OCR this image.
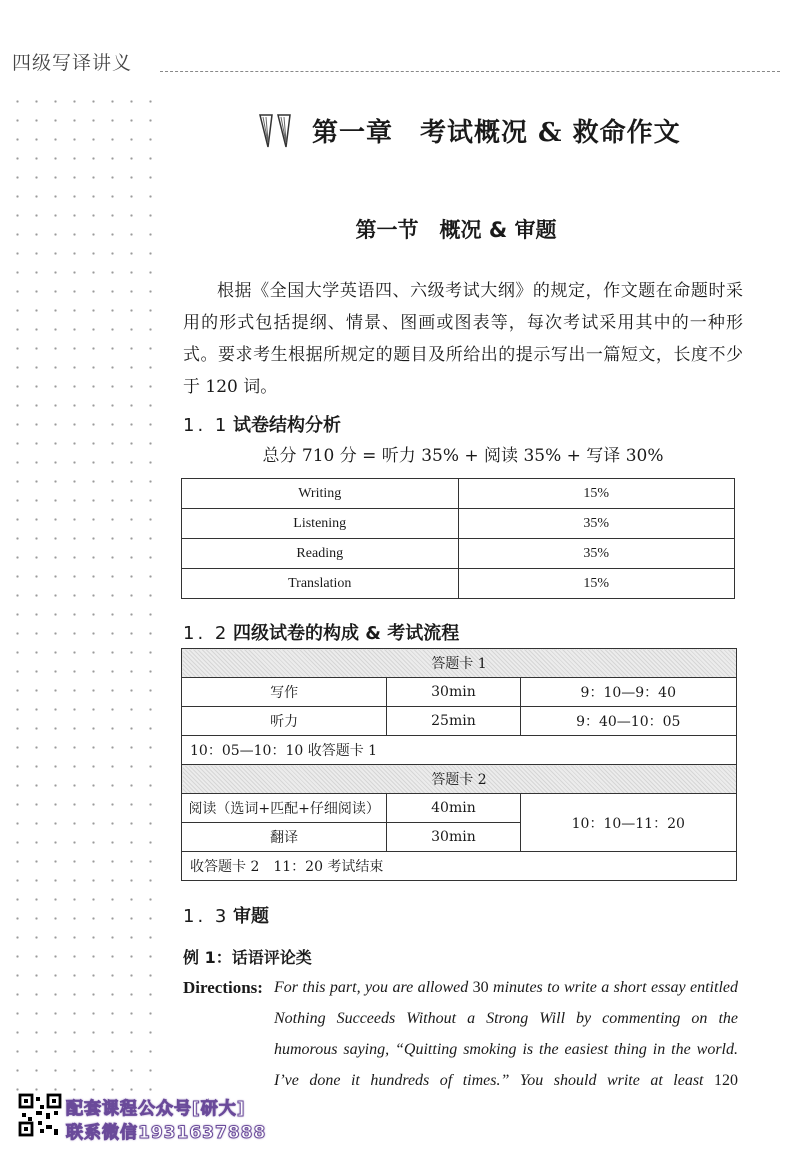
四级写译讲义
第一章　考试概况 & 救命作文
第一节　概况 & 审题
根据《全国大学英语四、六级考试大纲》的规定，作文题在命题时采用的形式包括提纲、情景、图画或图表等，每次考试采用其中的一种形式。要求考生根据所规定的题目及所给出的提示写出一篇短文，长度不少于 120 词。
1. 1 试卷结构分析
总分 710 分 = 听力 35% + 阅读 35% + 写译 30%
Writing	15%
Listening	35%
Reading	35%
Translation	15%
1. 2 四级试卷的构成 & 考试流程
答题卡 1		
写作	30min	9：10—9：40
听力	25min	9：40—10：05
10：05—10：10 收答题卡 1		
答题卡 2		
阅读（选词+匹配+仔细阅读）	40min	10：10—11：20
翻译	30min	
收答题卡 2　11：20 考试结束		
1. 3 审题
例 1：话语评论类
Directions: For this part, you are allowed 30 minutes to write a short essay entitled Nothing Succeeds Without a Strong Will by commenting on the humorous saying, “Quitting smoking is the easiest thing in the world. I’ve done it hundreds of times.” You should write at least 120
配套课程公众号[研大]
联系微信1931637888
